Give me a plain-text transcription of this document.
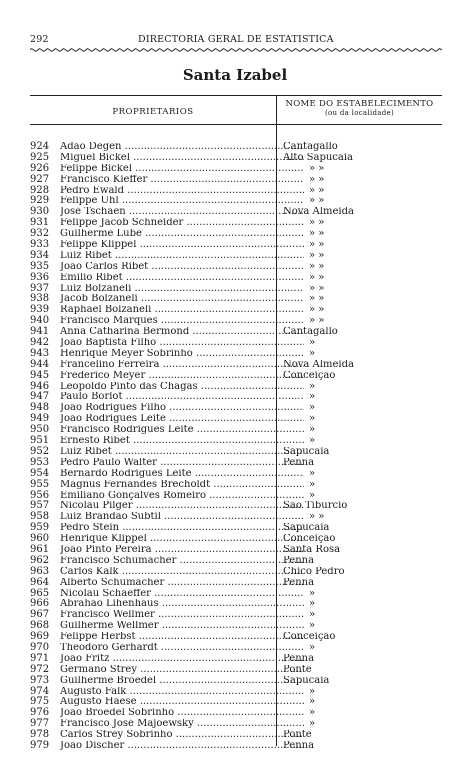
292	DIRECTORIA GERAL DE ESTATISTICA
Santa Izabel
PROPRIETARIOS
NOME DO ESTABELECIMENTO
(ou da localidade)
924 Adão Degen .....	Cantagallo
925 Miguel Bickel .....	Alto Sapucaia
926 Felippe Bickel .....	» »
927 Francisco Kieffer .....	» »
928 Pedro Ewald .....	» »
929 Felippe Uhl .....	» »
930 José Tschaen .....	Nova Almeida
931 Felippe Jacob Schneider .....	» »
932 Guilherme Lube .....	» »
933 Felippe Klippel .....	» »
934 Luiz Ribet .....	» »
935 João Carlos Ribet .....	» »
936 Emilio Ribet .....	» »
937 Luiz Bolzaneli .....	» »
938 Jacob Bolzaneli .....	» »
939 Raphael Bolzaneli .....	» »
940 Francisco Marques .....	» »
941 Anna Catharina Bermond .....	Cantagallo
942 João Baptista Filho .....	»
943 Henrique Meyer Sobrinho .....	»
944 Francelino Ferreira .....	Nova Almeida
945 Frederico Meyer .....	Conceição
946 Leopoldo Pinto das Chagas .....	»
947 Paulo Borlot .....	»
948 João Rodrigues Filho .....	»
949 João Rodrigues Leite .....	»
950 Francisco Rodrigues Leite .....	»
951 Ernesto Ribet .....	»
952 Luiz Ribet .....	Sapucaia
953 Pedro Paulo Walter .....	Penna
954 Bernardo Rodrigues Leite .....	»
955 Magnus Fernandes Brecholdt .....	»
956 Emiliano Gonçalves Romeiro .....	»
957 Nicolau Pilger .....	São Tiburcio
958 Luiz Brandão Subtil .....	» »
959 Pedro Stein .....	Sapucaia
960 Henrique Klippel .....	Conceição
961 João Pinto Pereira .....	Santa Rosa
962 Francisco Schumacher .....	Penna
963 Carlos Kalk .....	Chico Pedro
964 Alberto Schumacher .....	Penna
965 Nicolau Schaeffer .....	»
966 Abrahão Lihenhaus .....	»
967 Francisco Wellmer .....	»
968 Guilherme Wellmer .....	»
969 Felippe Herbst .....	Conceição
970 Theodoro Gerhardt .....	»
971 João Fritz .....	Penna
972 Germano Strey .....	Ponte
973 Guilherme Broedel .....	Sapucaia
974 Augusto Falk .....	»
975 Augusto Haese .....	»
976 João Broedel Sobrinho .....	»
977 Francisco José Majoewsky .....	»
978 Carlos Strey Sobrinho .....	Ponte
979 João Discher .....	Penna
